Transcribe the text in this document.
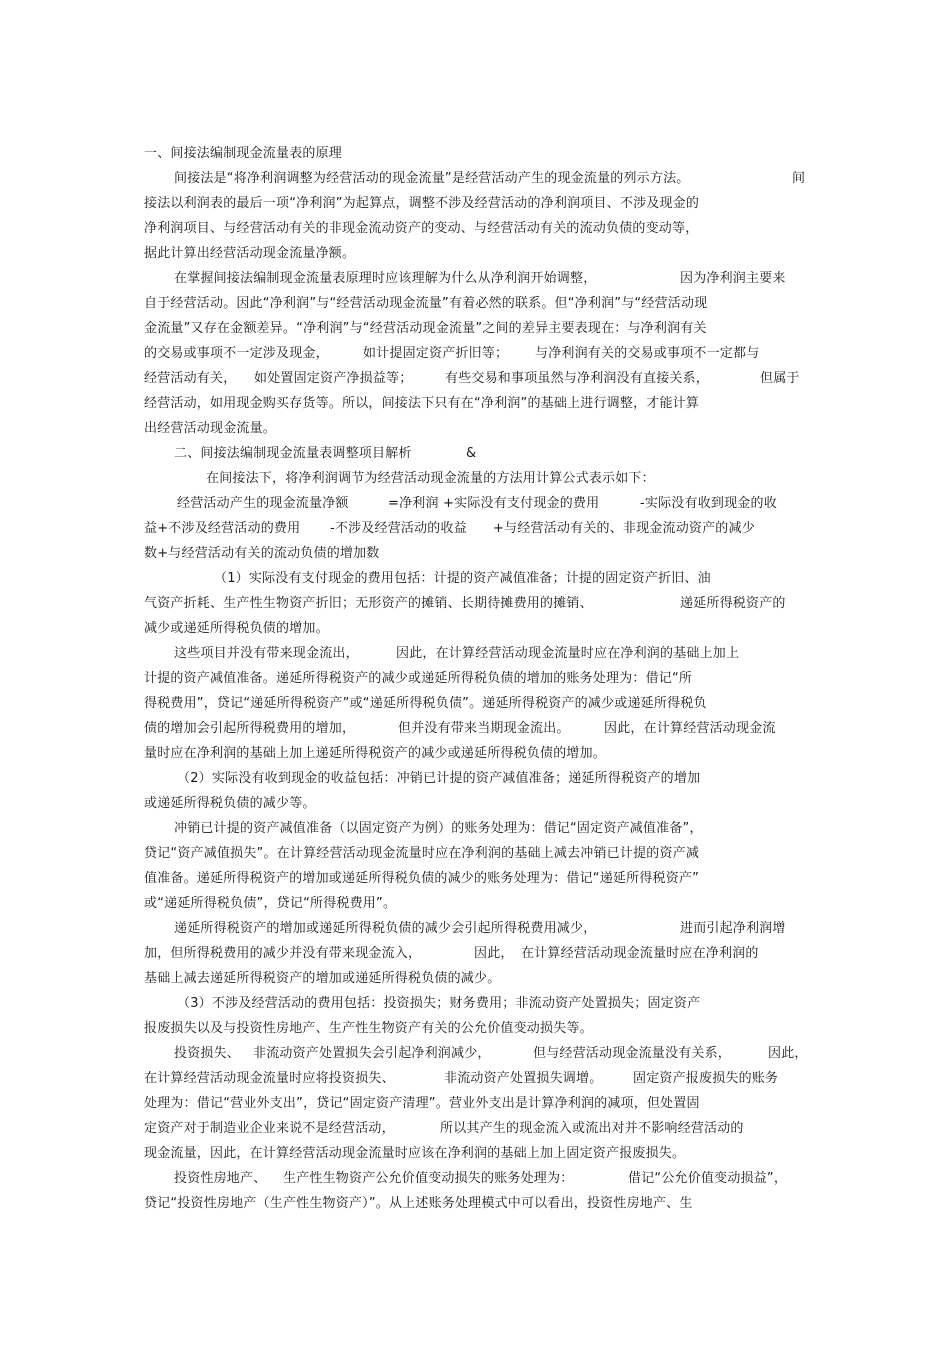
一、间接法编制现金流量表的原理
间接法是“将净利润调整为经营活动的现金流量”是经营活动产生的现金流量的列示方法。	间
接法以利润表的最后一项“净利润”为起算点，调整不涉及经营活动的净利润项目、不涉及现金的
净利润项目、与经营活动有关的非现金流动资产的变动、与经营活动有关的流动负债的变动等，
据此计算出经营活动现金流量净额。
在掌握间接法编制现金流量表原理时应该理解为什么从净利润开始调整，	因为净利润主要来
自于经营活动。因此“净利润”与“经营活动现金流量”有着必然的联系。但“净利润”与“经营活动现
金流量”又存在金额差异。“净利润”与“经营活动现金流量”之间的差异主要表现在：与净利润有关
的交易或事项不一定涉及现金，	如计提固定资产折旧等； 与净利润有关的交易或事项不一定都与
经营活动有关， 如处置固定资产净损益等；	有些交易和事项虽然与净利润没有直接关系，	但属于
经营活动，如用现金购买存货等。所以，间接法下只有在“净利润”的基础上进行调整，才能计算
出经营活动现金流量。
二、间接法编制现金流量表调整项目解析	&
在间接法下，将净利润调节为经营活动现金流量的方法用计算公式表示如下：
经营活动产生的现金流量净额	=净利润 +实际没有支付现金的费用	-实际没有收到现金的收
益+不涉及经营活动的费用 -不涉及经营活动的收益 +与经营活动有关的、非现金流动资产的减少
数+与经营活动有关的流动负债的增加数
（1）实际没有支付现金的费用包括：计提的资产减值准备；计提的固定资产折旧、油
气资产折耗、生产性生物资产折旧；无形资产的摊销、长期待摊费用的摊销、	递延所得税资产的
减少或递延所得税负债的增加。
这些项目并没有带来现金流出，	因此，在计算经营活动现金流量时应在净利润的基础上加上
计提的资产减值准备。递延所得税资产的减少或递延所得税负债的增加的账务处理为：借记“所
得税费用”，贷记“递延所得税资产”或“递延所得税负债”。递延所得税资产的减少或递延所得税负
债的增加会引起所得税费用的增加，	但并没有带来当期现金流出。	因此，在计算经营活动现金流
量时应在净利润的基础上加上递延所得税资产的减少或递延所得税负债的增加。
（2）实际没有收到现金的收益包括：冲销已计提的资产减值准备；递延所得税资产的增加
或递延所得税负债的减少等。
冲销已计提的资产减值准备（以固定资产为例）的账务处理为：借记“固定资产减值准备”，
贷记“资产减值损失”。在计算经营活动现金流量时应在净利润的基础上减去冲销已计提的资产减
值准备。递延所得税资产的增加或递延所得税负债的减少的账务处理为：借记“递延所得税资产”
或“递延所得税负债”，贷记“所得税费用”。
递延所得税资产的增加或递延所得税负债的减少会引起所得税费用减少，	进而引起净利润增
加，但所得税费用的减少并没有带来现金流入，	因此， 在计算经营活动现金流量时应在净利润的
基础上减去递延所得税资产的增加或递延所得税负债的减少。
（3）不涉及经营活动的费用包括：投资损失；财务费用；非流动资产处置损失；固定资产
报废损失以及与投资性房地产、生产性生物资产有关的公允价值变动损失等。
投资损失、 非流动资产处置损失会引起净利润减少，	但与经营活动现金流量没有关系，	因此，
在计算经营活动现金流量时应将投资损失、	非流动资产处置损失调增。 固定资产报废损失的账务
处理为：借记“营业外支出”，贷记“固定资产清理”。营业外支出是计算净利润的减项，但处置固
定资产对于制造业企业来说不是经营活动，	所以其产生的现金流入或流出对并不影响经营活动的
现金流量，因此，在计算经营活动现金流量时应该在净利润的基础上加上固定资产报废损失。
投资性房地产、 生产性生物资产公允价值变动损失的账务处理为：	借记“公允价值变动损益”，
贷记“投资性房地产（生产性生物资产）”。从上述账务处理模式中可以看出，投资性房地产、生
